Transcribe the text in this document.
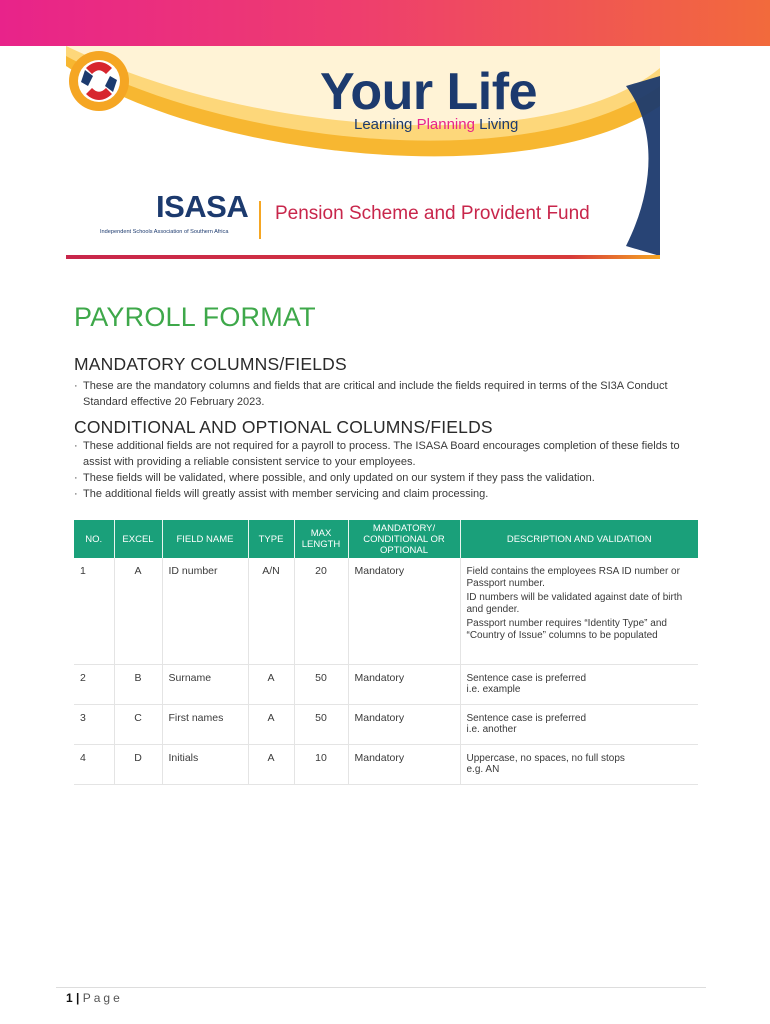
Your Life
Learning Planning Living
ISASA
Independent Schools Association of Southern Africa
Pension Scheme and Provident Fund
PAYROLL FORMAT
MANDATORY COLUMNS/FIELDS
· These are the mandatory columns and fields that are critical and include the fields required in terms of the SI3A Conduct Standard effective 20 February 2023.
CONDITIONAL AND OPTIONAL COLUMNS/FIELDS
· These additional fields are not required for a payroll to process. The ISASA Board encourages completion of these fields to assist with providing a reliable consistent service to your employees.
· These fields will be validated, where possible, and only updated on our system if they pass the validation.
· The additional fields will greatly assist with member servicing and claim processing.
NO.	EXCEL	FIELD NAME	TYPE	MAX LENGTH	MANDATORY/ CONDITIONAL OR OPTIONAL	DESCRIPTION AND VALIDATION
1	A	ID number	A/N	20	Mandatory	Field contains the employees RSA ID number or Passport number.
ID numbers will be validated against date of birth and gender.
Passport number requires “Identity Type” and “Country of Issue” columns to be populated

2	B	Surname	A	50	Mandatory	Sentence case is preferred
i.e. example

3	C	First names	A	50	Mandatory	Sentence case is preferred
i.e. another

4	D	Initials	A	10	Mandatory	Uppercase, no spaces, no full stops
e.g. AN
1 | Page
